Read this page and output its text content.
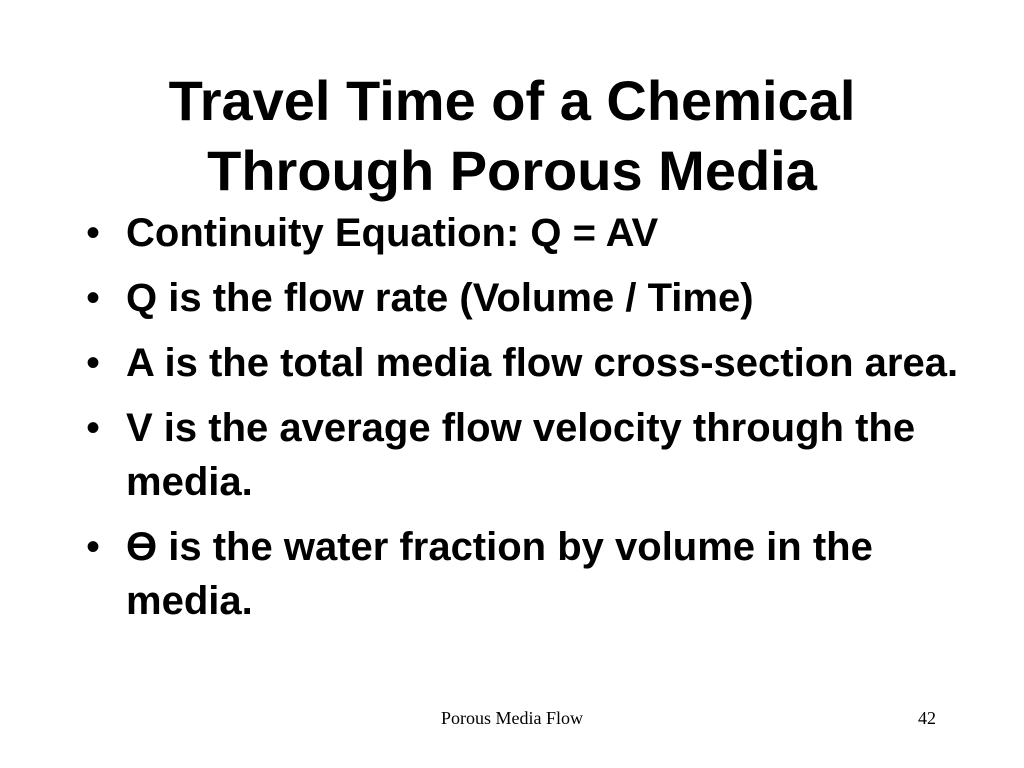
Travel Time of a Chemical
Through Porous Media
• Continuity Equation: Q = AV
• Q is the flow rate (Volume / Time)
• A is the total media flow cross-section area.
• V is the average flow velocity through the media.
• ϴ is the water fraction by volume in the media.
Porous Media Flow	42
